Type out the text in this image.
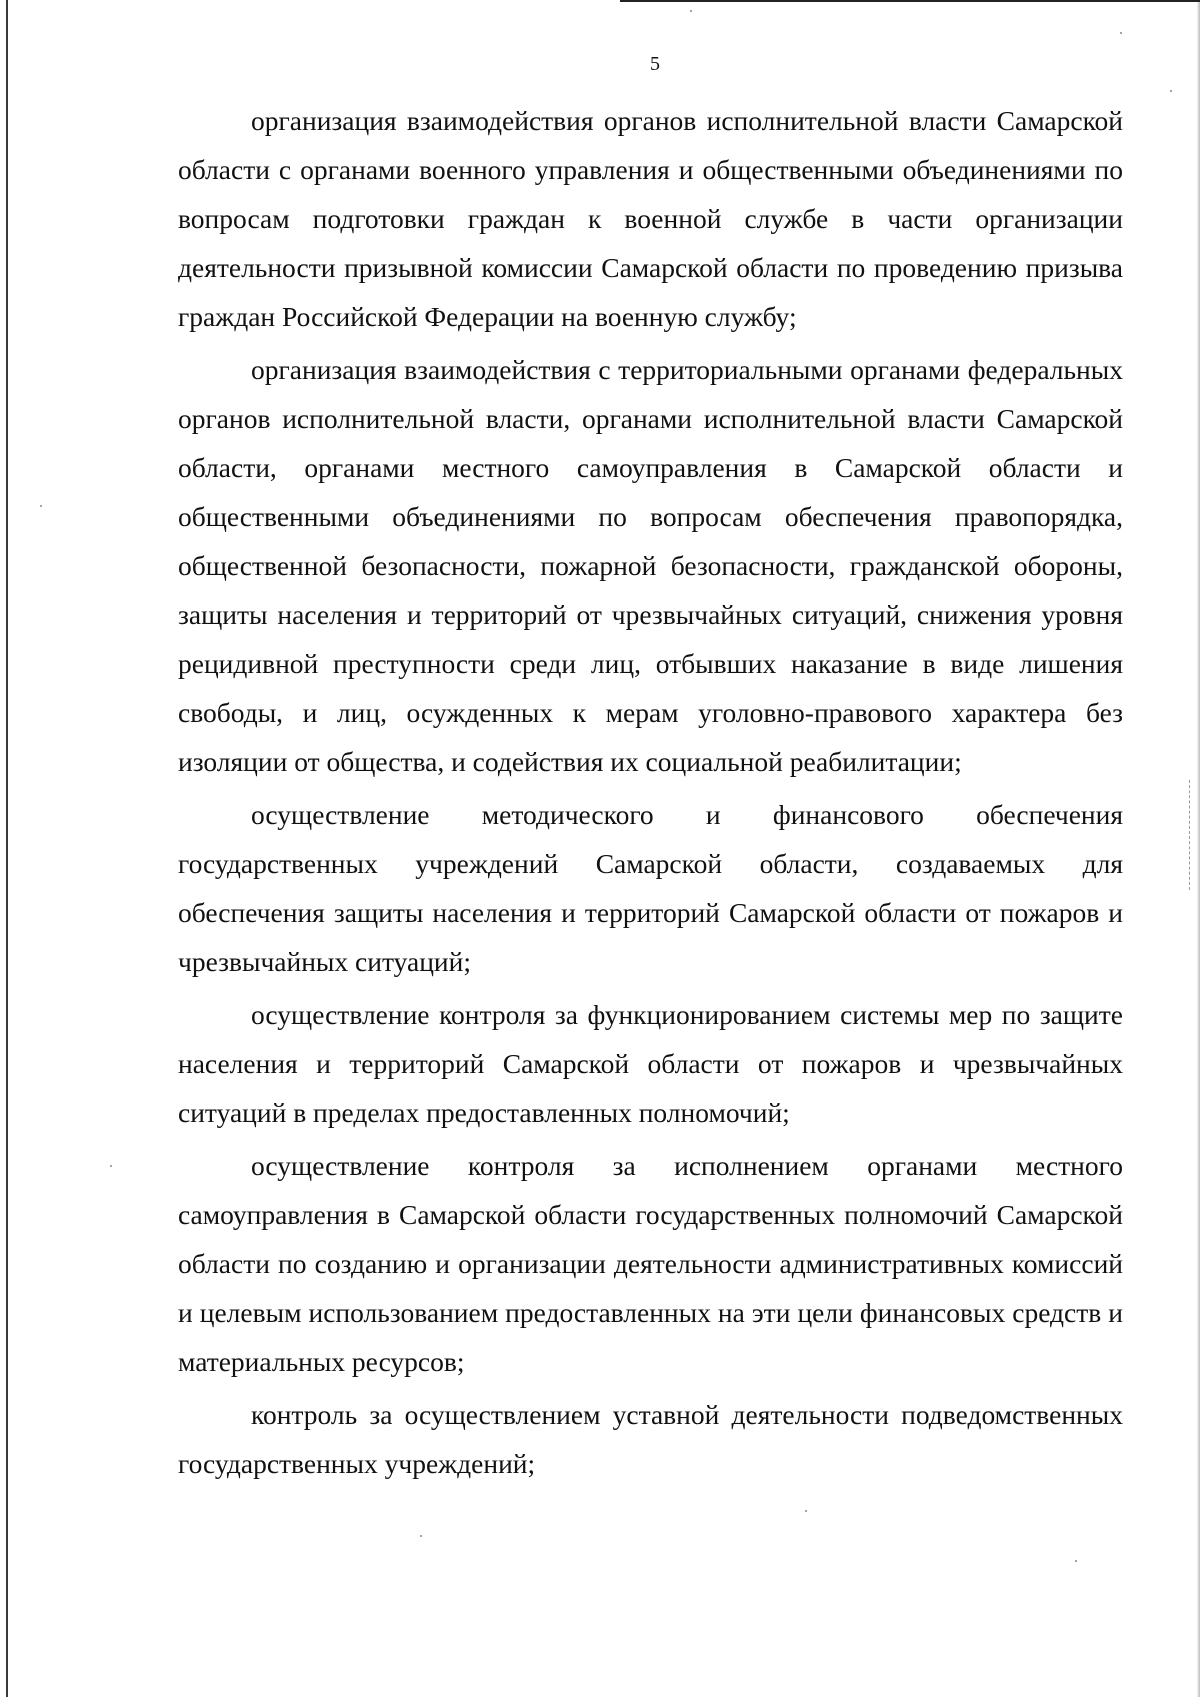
5

организация взаимодействия органов исполнительной власти Самарской области с органами военного управления и общественными объединениями по вопросам подготовки граждан к военной службе в части организации деятельности призывной комиссии Самарской области по проведению призыва граждан Российской Федерации на военную службу;

организация взаимодействия с территориальными органами федеральных органов исполнительной власти, органами исполнительной власти Самарской области, органами местного самоуправления в Самарской области и общественными объединениями по вопросам обеспечения правопорядка, общественной безопасности, пожарной безопасности, гражданской обороны, защиты населения и территорий от чрезвычайных ситуаций, снижения уровня рецидивной преступности среди лиц, отбывших наказание в виде лишения свободы, и лиц, осужденных к мерам уголовно-правового характера без изоляции от общества, и содействия их социальной реабилитации;

осуществление методического и финансового обеспечения государственных учреждений Самарской области, создаваемых для обеспечения защиты населения и территорий Самарской области от пожаров и чрезвычайных ситуаций;

осуществление контроля за функционированием системы мер по защите населения и территорий Самарской области от пожаров и чрезвычайных ситуаций в пределах предоставленных полномочий;

осуществление контроля за исполнением органами местного самоуправления в Самарской области государственных полномочий Самарской области по созданию и организации деятельности административных комиссий и целевым использованием предоставленных на эти цели финансовых средств и материальных ресурсов;

контроль за осуществлением уставной деятельности подведомственных государственных учреждений;
